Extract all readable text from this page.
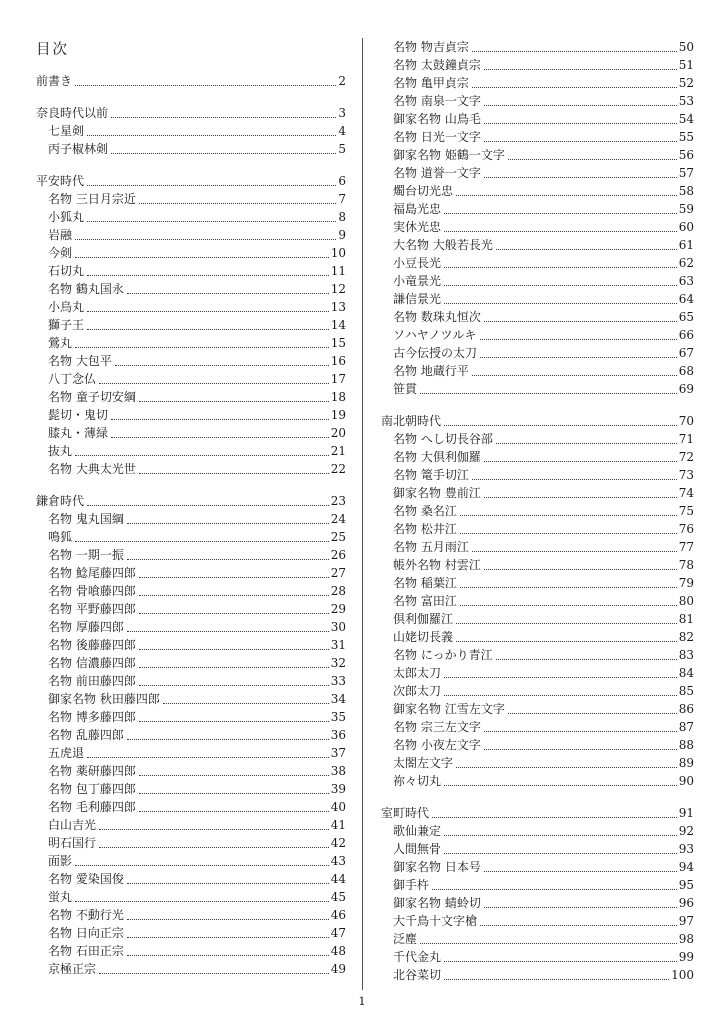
目次
前書き	2
奈良時代以前	3
七星剣	4
丙子椒林剣	5
平安時代	6
名物 三日月宗近	7
小狐丸	8
岩融	9
今剣	10
石切丸	11
名物 鶴丸国永	12
小烏丸	13
獅子王	14
鶯丸	15
名物 大包平	16
八丁念仏	17
名物 童子切安綱	18
髭切・鬼切	19
膝丸・薄緑	20
抜丸	21
名物 大典太光世	22
鎌倉時代	23
名物 鬼丸国綱	24
鳴狐	25
名物 一期一振	26
名物 鯰尾藤四郎	27
名物 骨喰藤四郎	28
名物 平野藤四郎	29
名物 厚藤四郎	30
名物 後藤藤四郎	31
名物 信濃藤四郎	32
名物 前田藤四郎	33
御家名物 秋田藤四郎	34
名物 博多藤四郎	35
名物 乱藤四郎	36
五虎退	37
名物 薬研藤四郎	38
名物 包丁藤四郎	39
名物 毛利藤四郎	40
白山吉光	41
明石国行	42
面影	43
名物 愛染国俊	44
蛍丸	45
名物 不動行光	46
名物 日向正宗	47
名物 石田正宗	48
京極正宗	49
名物 物吉貞宗	50
名物 太鼓鐘貞宗	51
名物 亀甲貞宗	52
名物 南泉一文字	53
御家名物 山鳥毛	54
名物 日光一文字	55
御家名物 姫鶴一文字	56
名物 道誉一文字	57
燭台切光忠	58
福島光忠	59
実休光忠	60
大名物 大般若長光	61
小豆長光	62
小竜景光	63
謙信景光	64
名物 数珠丸恒次	65
ソハヤノツルキ	66
古今伝授の太刀	67
名物 地蔵行平	68
笹貫	69
南北朝時代	70
名物 へし切長谷部	71
名物 大倶利伽羅	72
名物 篭手切江	73
御家名物 豊前江	74
名物 桑名江	75
名物 松井江	76
名物 五月雨江	77
帳外名物 村雲江	78
名物 稲葉江	79
名物 富田江	80
倶利伽羅江	81
山姥切長義	82
名物 にっかり青江	83
太郎太刀	84
次郎太刀	85
御家名物 江雪左文字	86
名物 宗三左文字	87
名物 小夜左文字	88
太閤左文字	89
祢々切丸	90
室町時代	91
歌仙兼定	92
人間無骨	93
御家名物 日本号	94
御手杵	95
御家名物 蜻蛉切	96
大千鳥十文字槍	97
泛塵	98
千代金丸	99
北谷菜切	100
1
